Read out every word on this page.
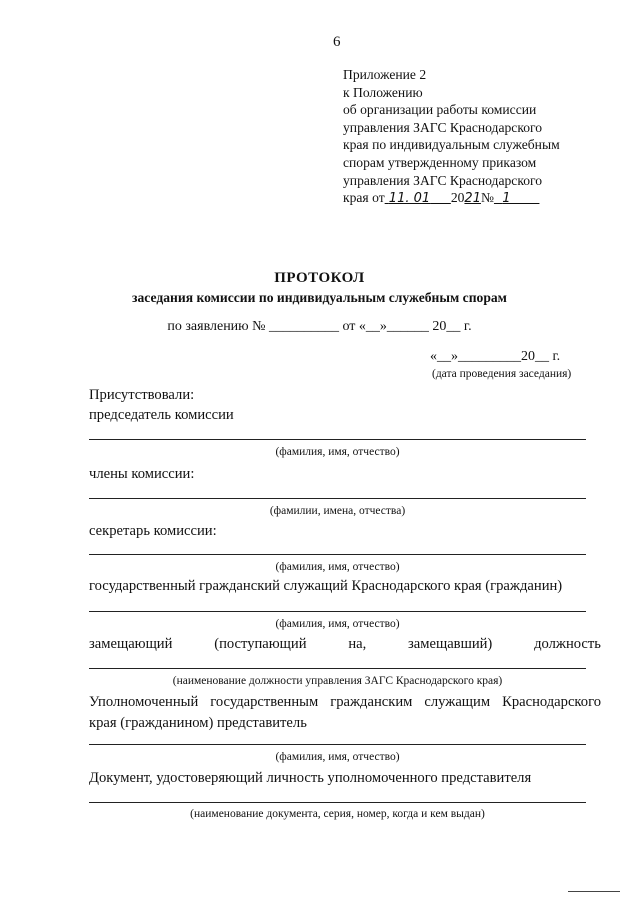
6
Приложение 2
к Положению
об организации работы комиссии
управления ЗАГС Краснодарского
края по индивидуальным служебным
спорам утвержденному приказом
управления ЗАГС Краснодарского
края от 11. 01 2021№ 1
ПРОТОКОЛ
заседания комиссии по индивидуальным служебным спорам
по заявлению № __________ от «__»______ 20__ г.
«__»_________20__ г.
(дата проведения заседания)
Присутствовали:
председатель комиссии
(фамилия, имя, отчество)
члены комиссии:
(фамилии, имена, отчества)
секретарь комиссии:
(фамилия, имя, отчество)
государственный гражданский служащий Краснодарского края (гражданин)
(фамилия, имя, отчество)
замещающий	(поступающий	на,	замещавший)	должность
(наименование должности управления ЗАГС Краснодарского края)
Уполномоченный государственным гражданским служащим Краснодарского
края (гражданином) представитель
(фамилия, имя, отчество)
Документ, удостоверяющий личность уполномоченного представителя
(наименование документа, серия, номер, когда и кем выдан)
